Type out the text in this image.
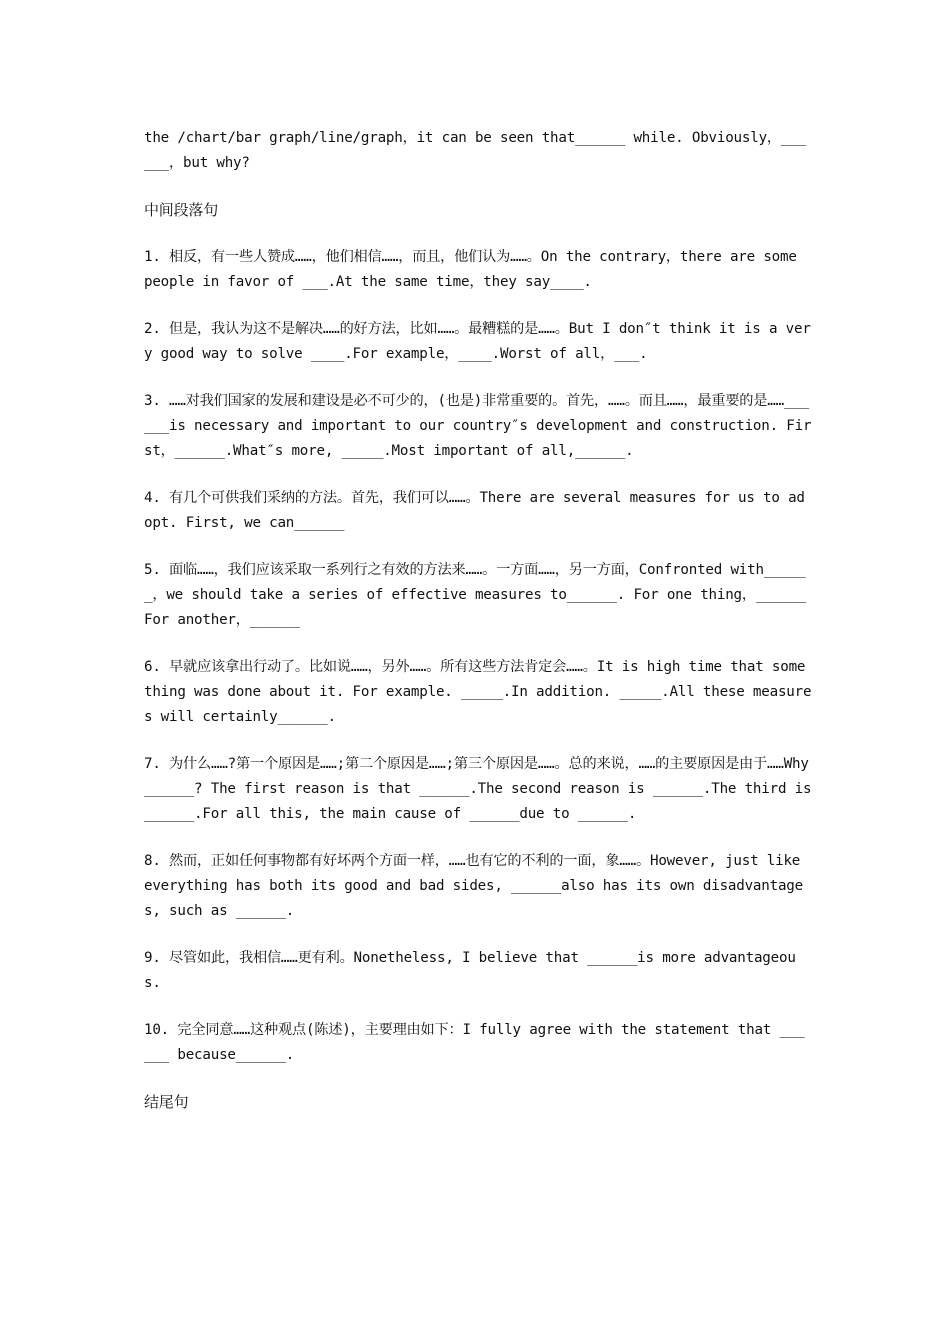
the /chart/bar graph/line/graph，it can be seen that______ while. Obviously，______，but why?

中间段落句

1. 相反，有一些人赞成……，他们相信……，而且，他们认为……。On the contrary，there are some people in favor of ___.At the same time，they say____.

2. 但是，我认为这不是解决……的好方法，比如……。最糟糕的是……。But I don″t think it is a very good way to solve ____.For example，____.Worst of all，___.

3. ……对我们国家的发展和建设是必不可少的，(也是)非常重要的。首先，……。而且……，最重要的是……______is necessary and important to our country″s development and construction. First，______.What″s more, _____.Most important of all,______.

4. 有几个可供我们采纳的方法。首先，我们可以……。There are several measures for us to adopt. First, we can______

5. 面临……，我们应该采取一系列行之有效的方法来……。一方面……，另一方面，Confronted with______，we should take a series of effective measures to______. For one thing，______For another，______

6. 早就应该拿出行动了。比如说……，另外……。所有这些方法肯定会……。It is high time that something was done about it. For example. _____.In addition. _____.All these measures will certainly______.

7. 为什么……?第一个原因是……;第二个原因是……;第三个原因是……。总的来说，……的主要原因是由于……Why______? The first reason is that ______.The second reason is ______.The third is ______.For all this, the main cause of ______due to ______.

8. 然而，正如任何事物都有好坏两个方面一样，……也有它的不利的一面，象……。However, just like everything has both its good and bad sides, ______also has its own disadvantages, such as ______.

9. 尽管如此，我相信……更有利。Nonetheless, I believe that ______is more advantageous.

10. 完全同意……这种观点(陈述)，主要理由如下：I fully agree with the statement that ______ because______.

结尾句
